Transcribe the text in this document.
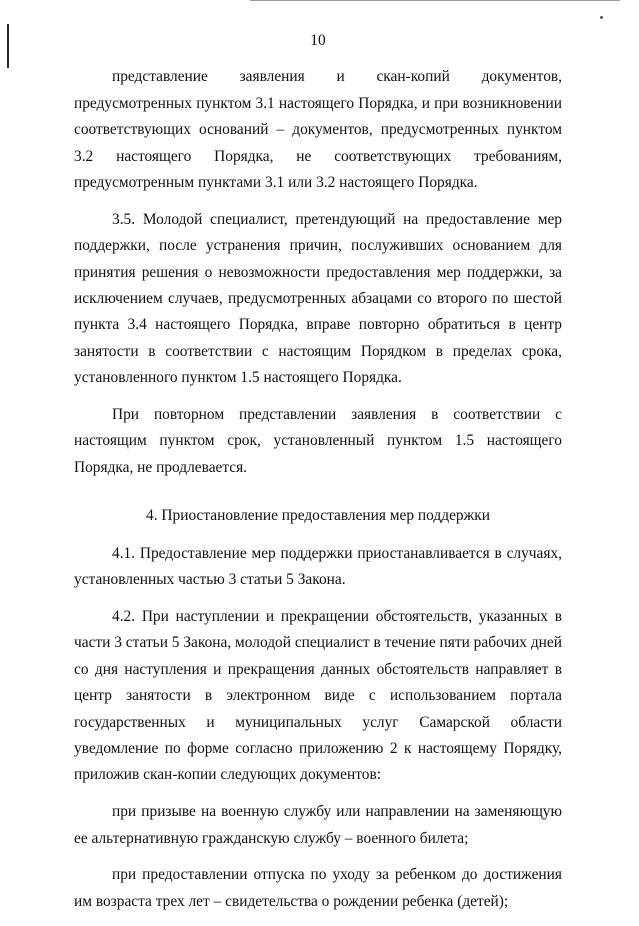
10

представление заявления и скан-копий документов,

предусмотренных пунктом 3.1 настоящего Порядка, и при возникновении соответствующих оснований – документов, предусмотренных пунктом 3.2 настоящего Порядка, не соответствующих требованиям, предусмотренным пунктами 3.1 или 3.2 настоящего Порядка.

3.5. Молодой специалист, претендующий на предоставление мер поддержки, после устранения причин, послуживших основанием для принятия решения о невозможности предоставления мер поддержки, за исключением случаев, предусмотренных абзацами со второго по шестой пункта 3.4 настоящего Порядка, вправе повторно обратиться в центр занятости в соответствии с настоящим Порядком в пределах срока, установленного пунктом 1.5 настоящего Порядка.

При повторном представлении заявления в соответствии с настоящим пунктом срок, установленный пунктом 1.5 настоящего Порядка, не продлевается.

4. Приостановление предоставления мер поддержки

4.1. Предоставление мер поддержки приостанавливается в случаях, установленных частью 3 статьи 5 Закона.

4.2. При наступлении и прекращении обстоятельств, указанных в части 3 статьи 5 Закона, молодой специалист в течение пяти рабочих дней со дня наступления и прекращения данных обстоятельств направляет в центр занятости в электронном виде с использованием портала государственных и муниципальных услуг Самарской области уведомление по форме согласно приложению 2 к настоящему Порядку, приложив скан-копии следующих документов:

при призыве на военную службу или направлении на заменяющую ее альтернативную гражданскую службу – военного билета;

при предоставлении отпуска по уходу за ребенком до достижения им возраста трех лет – свидетельства о рождении ребенка (детей);
